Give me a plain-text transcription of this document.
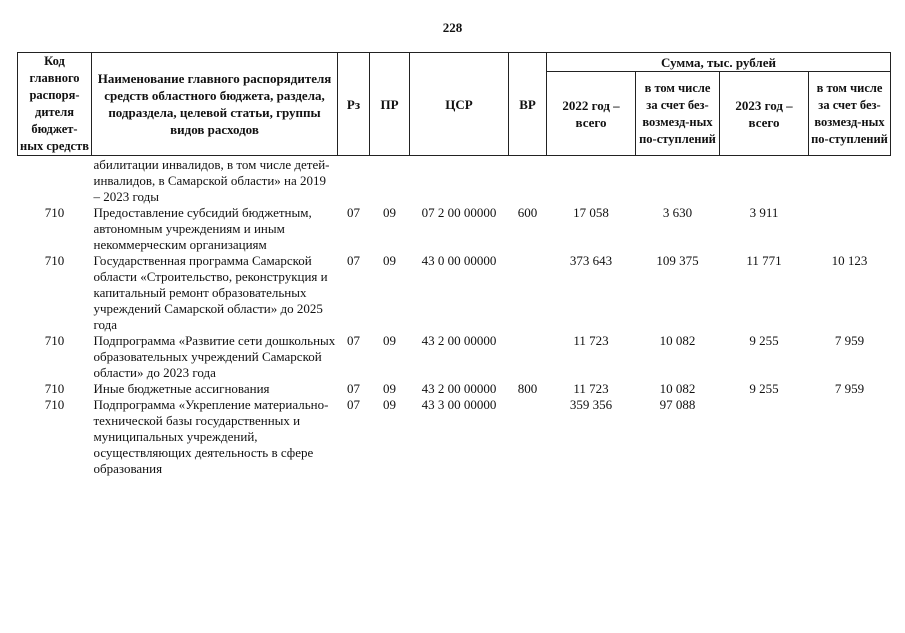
228
Код главного распоря-дителя бюджет-ных средств	Наименование главного распорядителя средств областного бюджета, раздела, подраздела, целевой статьи, группы видов расходов	Рз	ПР	ЦСР	ВР	Сумма, тыс. рублей			
						2022 год – всего	в том числе за счет без-возмезд-ных по-ступлений	2023 год – всего	в том числе за счет без-возмезд-ных по-ступлений
	абилитации инвалидов, в том числе детей-инвалидов, в Самарской области» на 2019 – 2023 годы								
710	Предоставление субсидий бюджетным, автономным учреждениям и иным некоммерческим организациям	07	09	07 2 00 00000	600	17 058	3 630	3 911	
710	Государственная программа Самарской области «Строительство, реконструкция и капитальный ремонт образовательных учреждений Самарской области» до 2025 года	07	09	43 0 00 00000		373 643	109 375	11 771	10 123
710	Подпрограмма «Развитие сети дошкольных образовательных учреждений Самарской области» до 2023 года	07	09	43 2 00 00000		11 723	10 082	9 255	7 959
710	Иные бюджетные ассигнования	07	09	43 2 00 00000	800	11 723	10 082	9 255	7 959
710	Подпрограмма «Укрепление материально-технической базы государственных и муниципальных учреждений, осуществляющих деятельность в сфере образования	07	09	43 3 00 00000		359 356	97 088		
